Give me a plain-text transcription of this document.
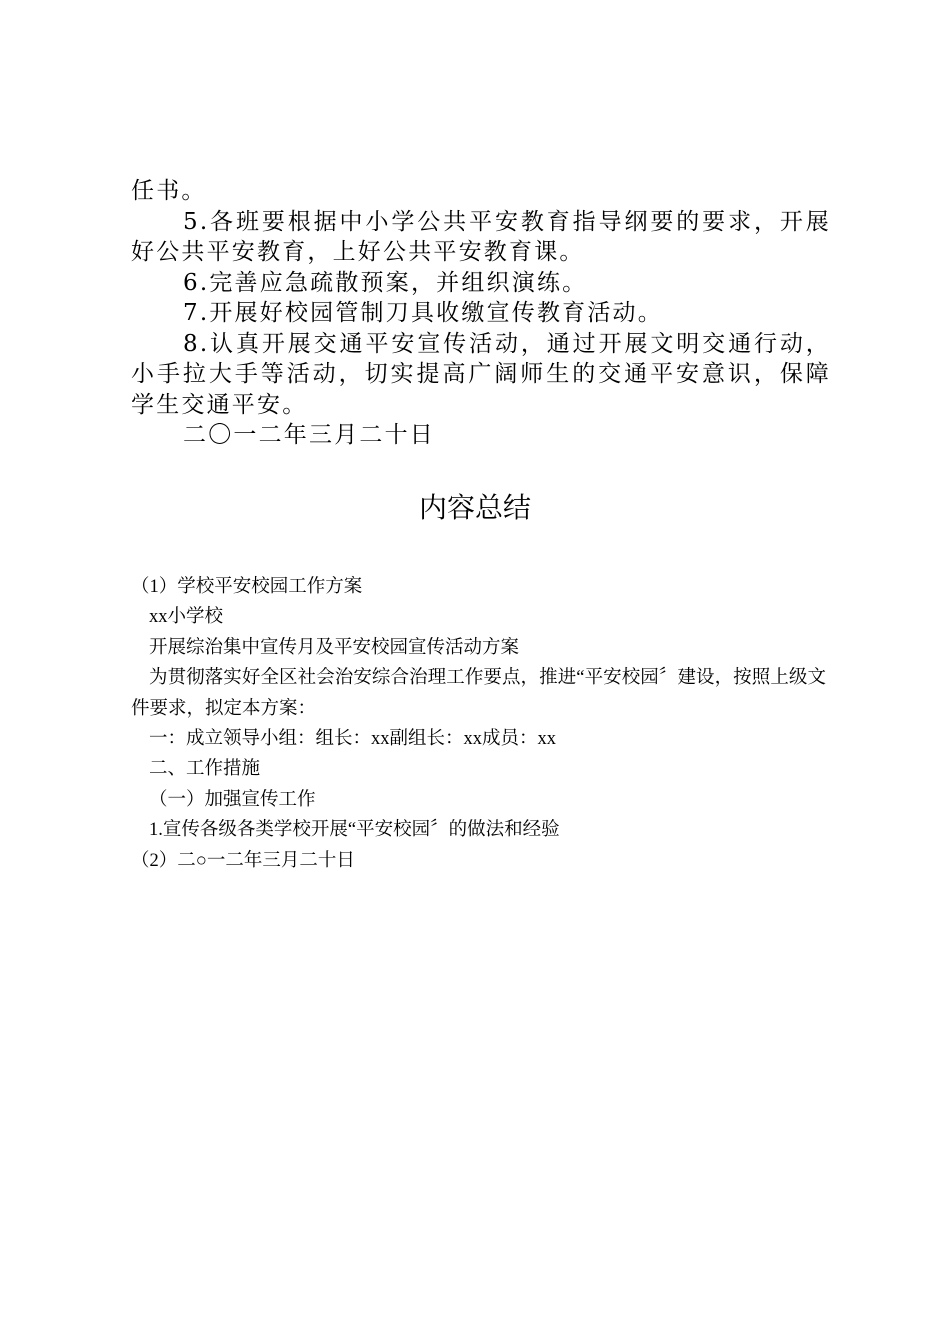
任书。

5.各班要根据中小学公共平安教育指导纲要的要求，开展好公共平安教育，上好公共平安教育课。

6.完善应急疏散预案，并组织演练。

7.开展好校园管制刀具收缴宣传教育活动。

8.认真开展交通平安宣传活动，通过开展文明交通行动，小手拉大手等活动，切实提高广阔师生的交通平安意识，保障学生交通平安。

二〇一二年三月二十日

内容总结

（1）学校平安校园工作方案

xx小学校

开展综治集中宣传月及平安校园宣传活动方案

为贯彻落实好全区社会治安综合治理工作要点，推进“平安校园〞建设，按照上级文件要求，拟定本方案：

一：成立领导小组：组长：xx副组长：xx成员：xx

二、工作措施

（一）加强宣传工作

1.宣传各级各类学校开展“平安校园〞的做法和经验

（2）二○一二年三月二十日
